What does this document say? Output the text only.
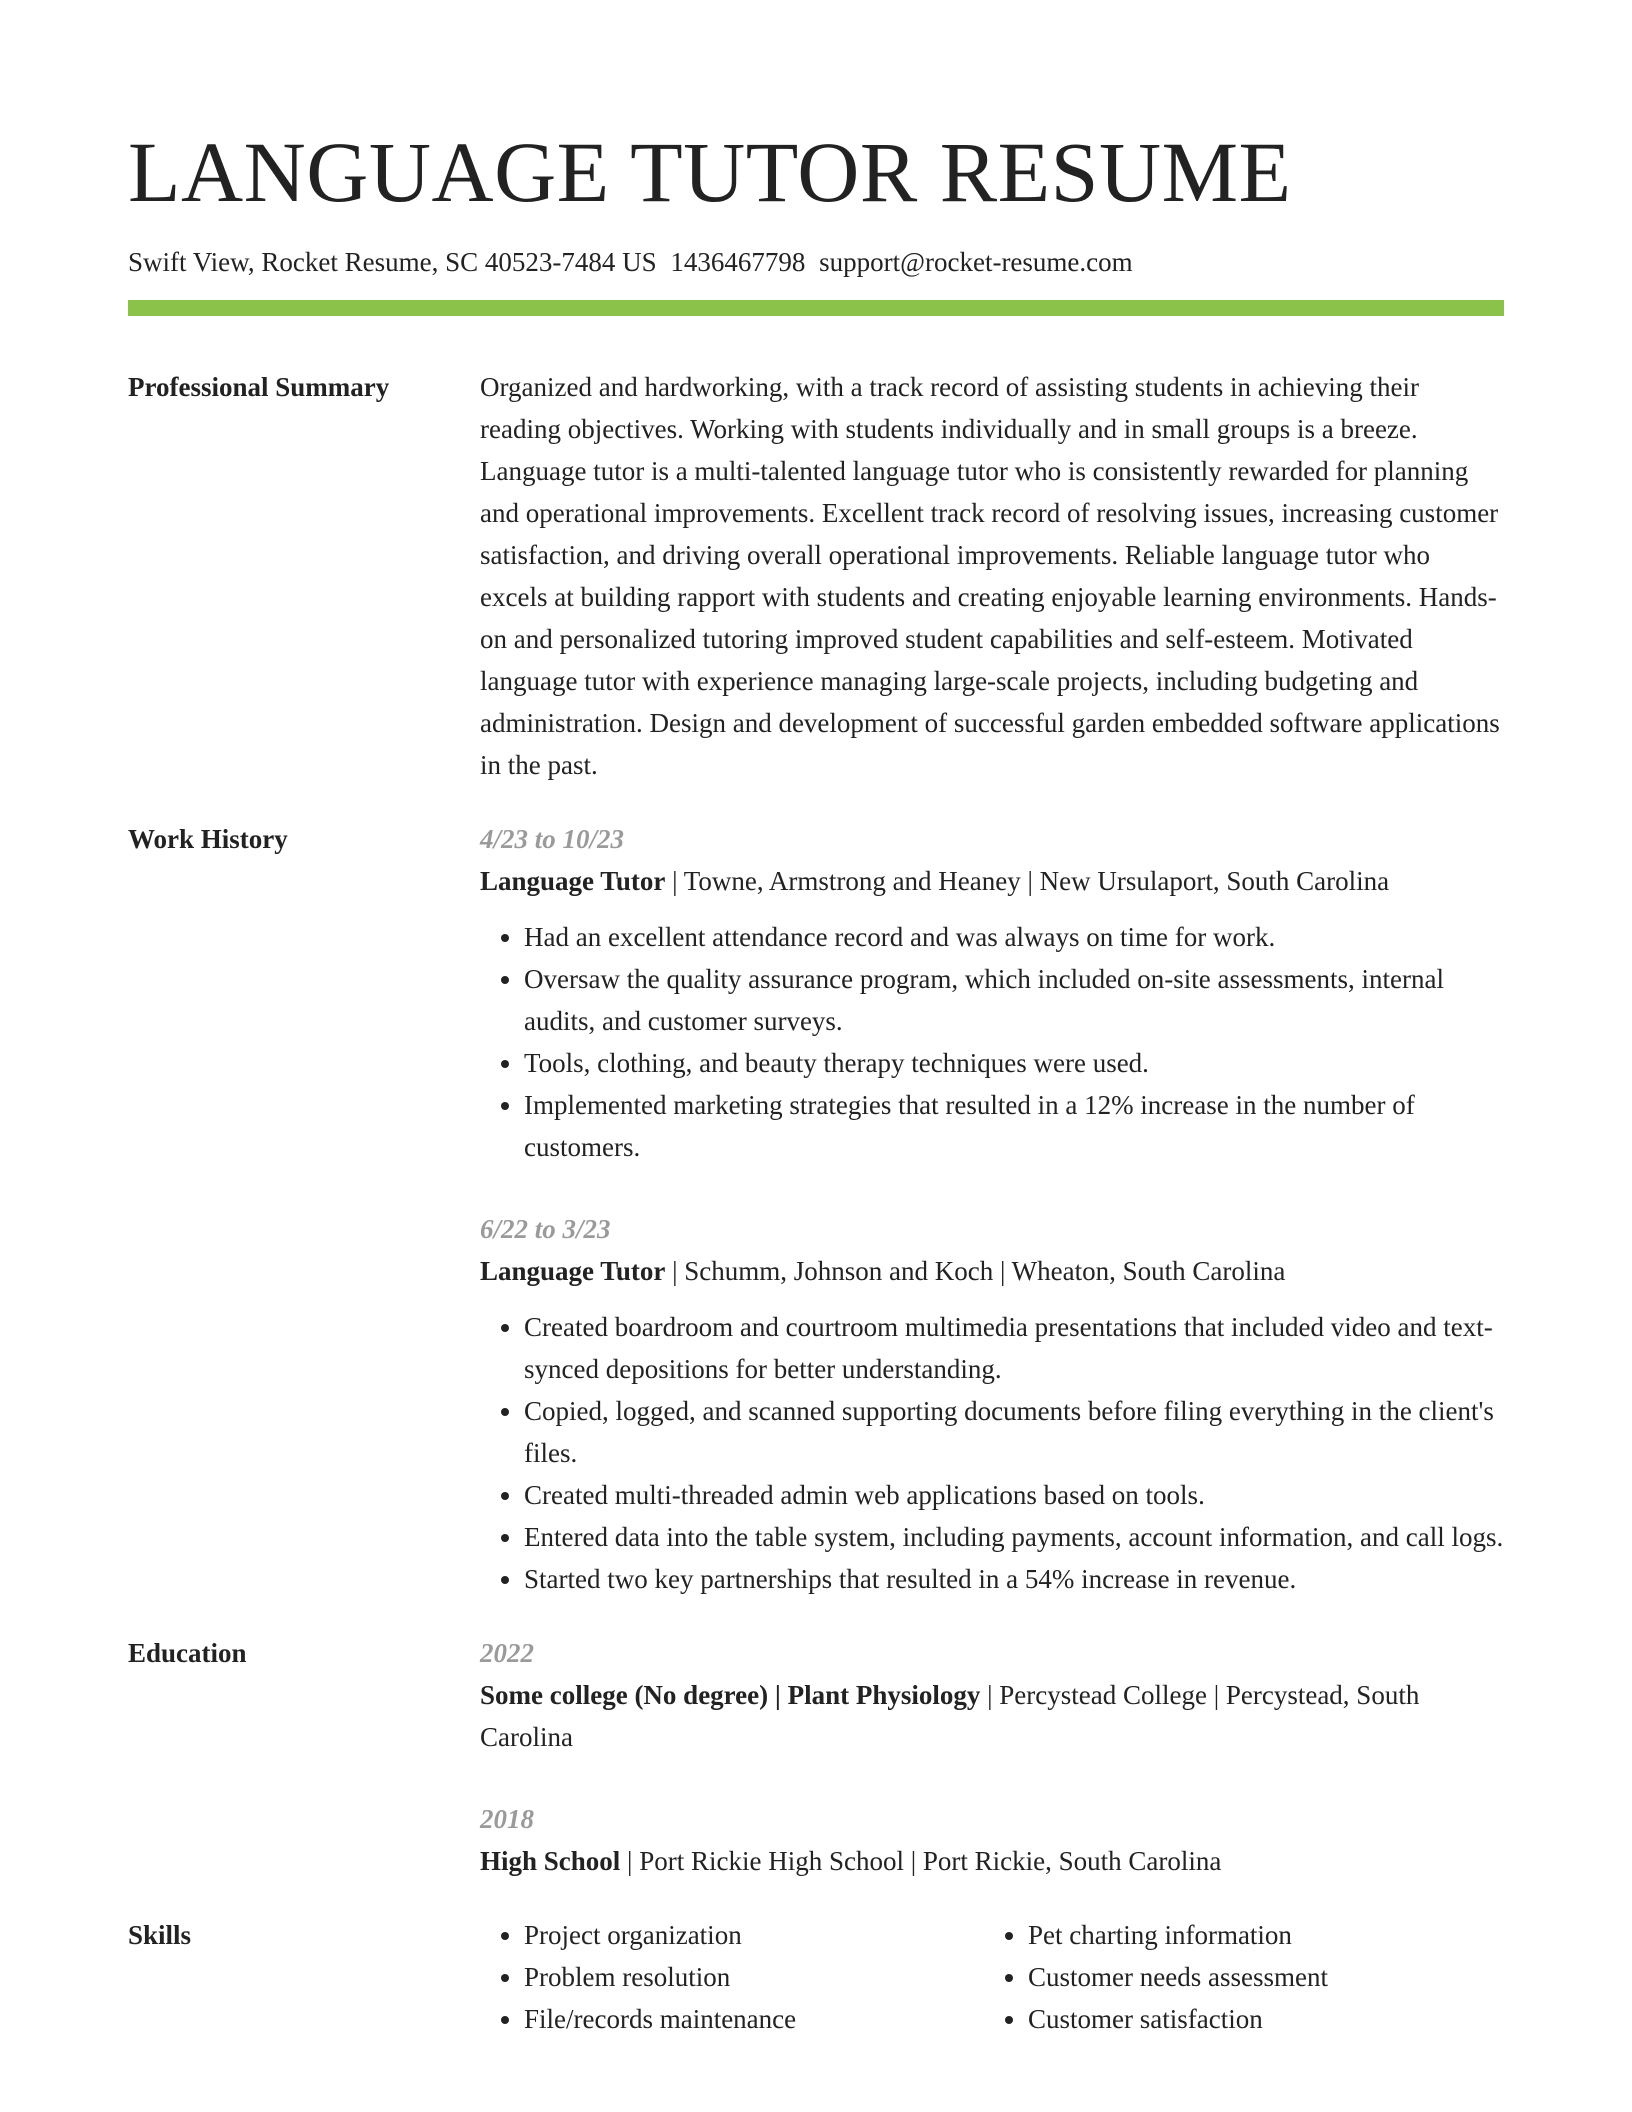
LANGUAGE TUTOR RESUME
Swift View, Rocket Resume, SC 40523-7484 US 1436467798 support@rocket-resume.com
Professional Summary	Organized and hardworking, with a track record of assisting students in achieving their reading objectives. Working with students individually and in small groups is a breeze. Language tutor is a multi-talented language tutor who is consistently rewarded for planning and operational improvements. Excellent track record of resolving issues, increasing customer satisfaction, and driving overall operational improvements. Reliable language tutor who excels at building rapport with students and creating enjoyable learning environments. Hands-on and personalized tutoring improved student capabilities and self-esteem. Motivated language tutor with experience managing large-scale projects, including budgeting and administration. Design and development of successful garden embedded software applications in the past.
Work History	4/23 to 10/23
Language Tutor | Towne, Armstrong and Heaney | New Ursulaport, South Carolina
• Had an excellent attendance record and was always on time for work.
• Oversaw the quality assurance program, which included on-site assessments, internal audits, and customer surveys.
• Tools, clothing, and beauty therapy techniques were used.
• Implemented marketing strategies that resulted in a 12% increase in the number of customers.
6/22 to 3/23
Language Tutor | Schumm, Johnson and Koch | Wheaton, South Carolina
• Created boardroom and courtroom multimedia presentations that included video and text-synced depositions for better understanding.
• Copied, logged, and scanned supporting documents before filing everything in the client's files.
• Created multi-threaded admin web applications based on tools.
• Entered data into the table system, including payments, account information, and call logs.
• Started two key partnerships that resulted in a 54% increase in revenue.
Education	2022
Some college (No degree) | Plant Physiology | Percystead College | Percystead, South Carolina
2018
High School | Port Rickie High School | Port Rickie, South Carolina
Skills
•	Project organization
• Problem resolution
• File/records maintenance
• Pet charting information
• Customer needs assessment
• Customer satisfaction
